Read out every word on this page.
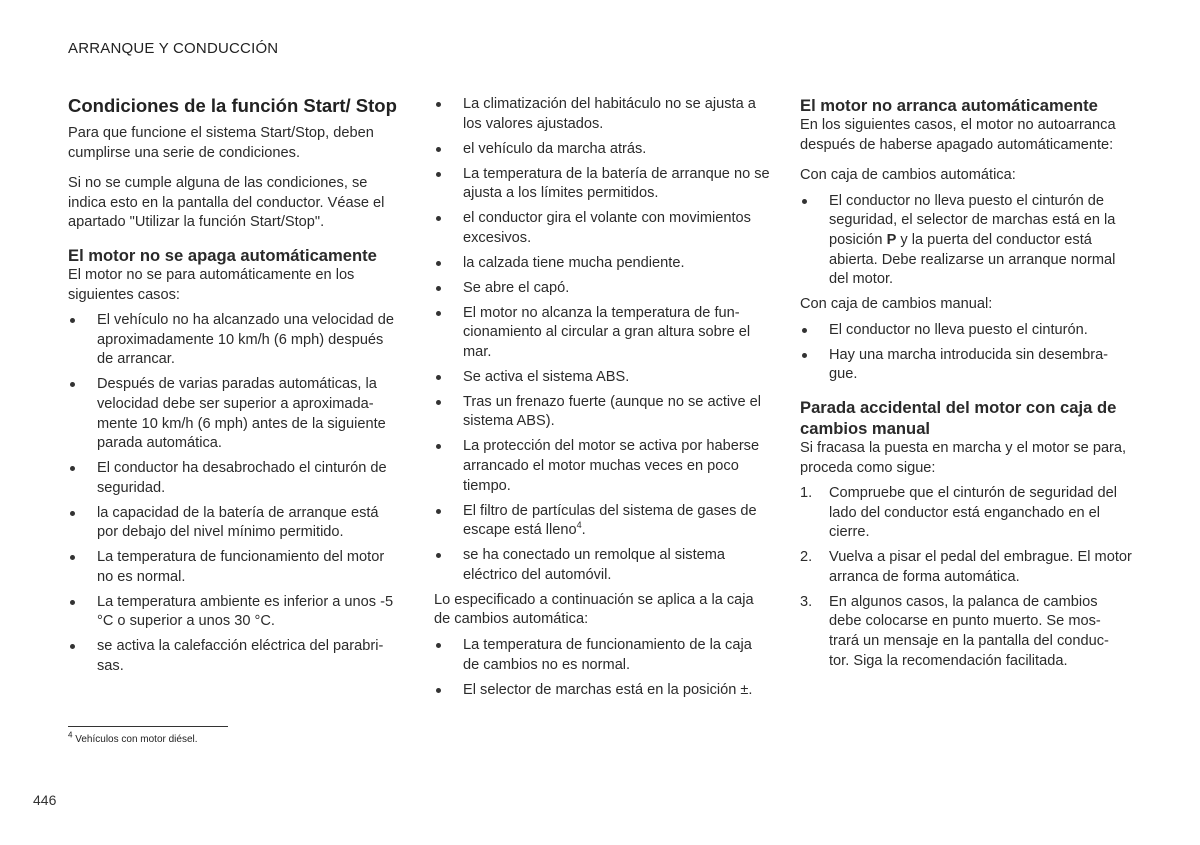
ARRANQUE Y CONDUCCIÓN
Condiciones de la función Start/ Stop

Para que funcione el sistema Start/Stop, deben cumplirse una serie de condiciones.

Si no se cumple alguna de las condiciones, se indica esto en la pantalla del conductor. Véase el apartado "Utilizar la función Start/Stop".

El motor no se apaga automáticamente

El motor no se para automáticamente en los siguientes casos:

El vehículo no ha alcanzado una velocidad de aproximadamente 10 km/h (6 mph) después de arrancar.
Después de varias paradas automáticas, la velocidad debe ser superior a aproximada- mente 10 km/h (6 mph) antes de la siguiente parada automática.
El conductor ha desabrochado el cinturón de seguridad.
la capacidad de la batería de arranque está por debajo del nivel mínimo permitido.
La temperatura de funcionamiento del motor no es normal.
La temperatura ambiente es inferior a unos -5 °C o superior a unos 30 °C.
se activa la calefacción eléctrica del parabri- sas.
La climatización del habitáculo no se ajusta a los valores ajustados.
el vehículo da marcha atrás.
La temperatura de la batería de arranque no se ajusta a los límites permitidos.
el conductor gira el volante con movimientos excesivos.
la calzada tiene mucha pendiente.
Se abre el capó.
El motor no alcanza la temperatura de fun- cionamiento al circular a gran altura sobre el mar.
Se activa el sistema ABS.
Tras un frenazo fuerte (aunque no se active el sistema ABS).
La protección del motor se activa por haberse arrancado el motor muchas veces en poco tiempo.
El filtro de partículas del sistema de gases de escape está lleno$^4$.
se ha conectado un remolque al sistema eléctrico del automóvil.

Lo especificado a continuación se aplica a la caja de cambios automática:

La temperatura de funcionamiento de la caja de cambios no es normal.
El selector de marchas está en la posición ±.
El motor no arranca automáticamente

En los siguientes casos, el motor no autoarranca después de haberse apagado automáticamente:

Con caja de cambios automática:

El conductor no lleva puesto el cinturón de seguridad, el selector de marchas está en la posición P y la puerta del conductor está abierta. Debe realizarse un arranque normal del motor.

Con caja de cambios manual:

El conductor no lleva puesto el cinturón.
Hay una marcha introducida sin desembra- gue.
Parada accidental del motor con caja de cambios manual

Si fracasa la puesta en marcha y el motor se para, proceda como sigue:

1. Compruebe que el cinturón de seguridad del lado del conductor está enganchado en el cierre.
2. Vuelva a pisar el pedal del embrague. El motor arranca de forma automática.
3. En algunos casos, la palanca de cambios debe colocarse en punto muerto. Se mos- trará un mensaje en la pantalla del conduc- tor. Siga la recomendación facilitada.
$^4$ Vehículos con motor diésel.
446
